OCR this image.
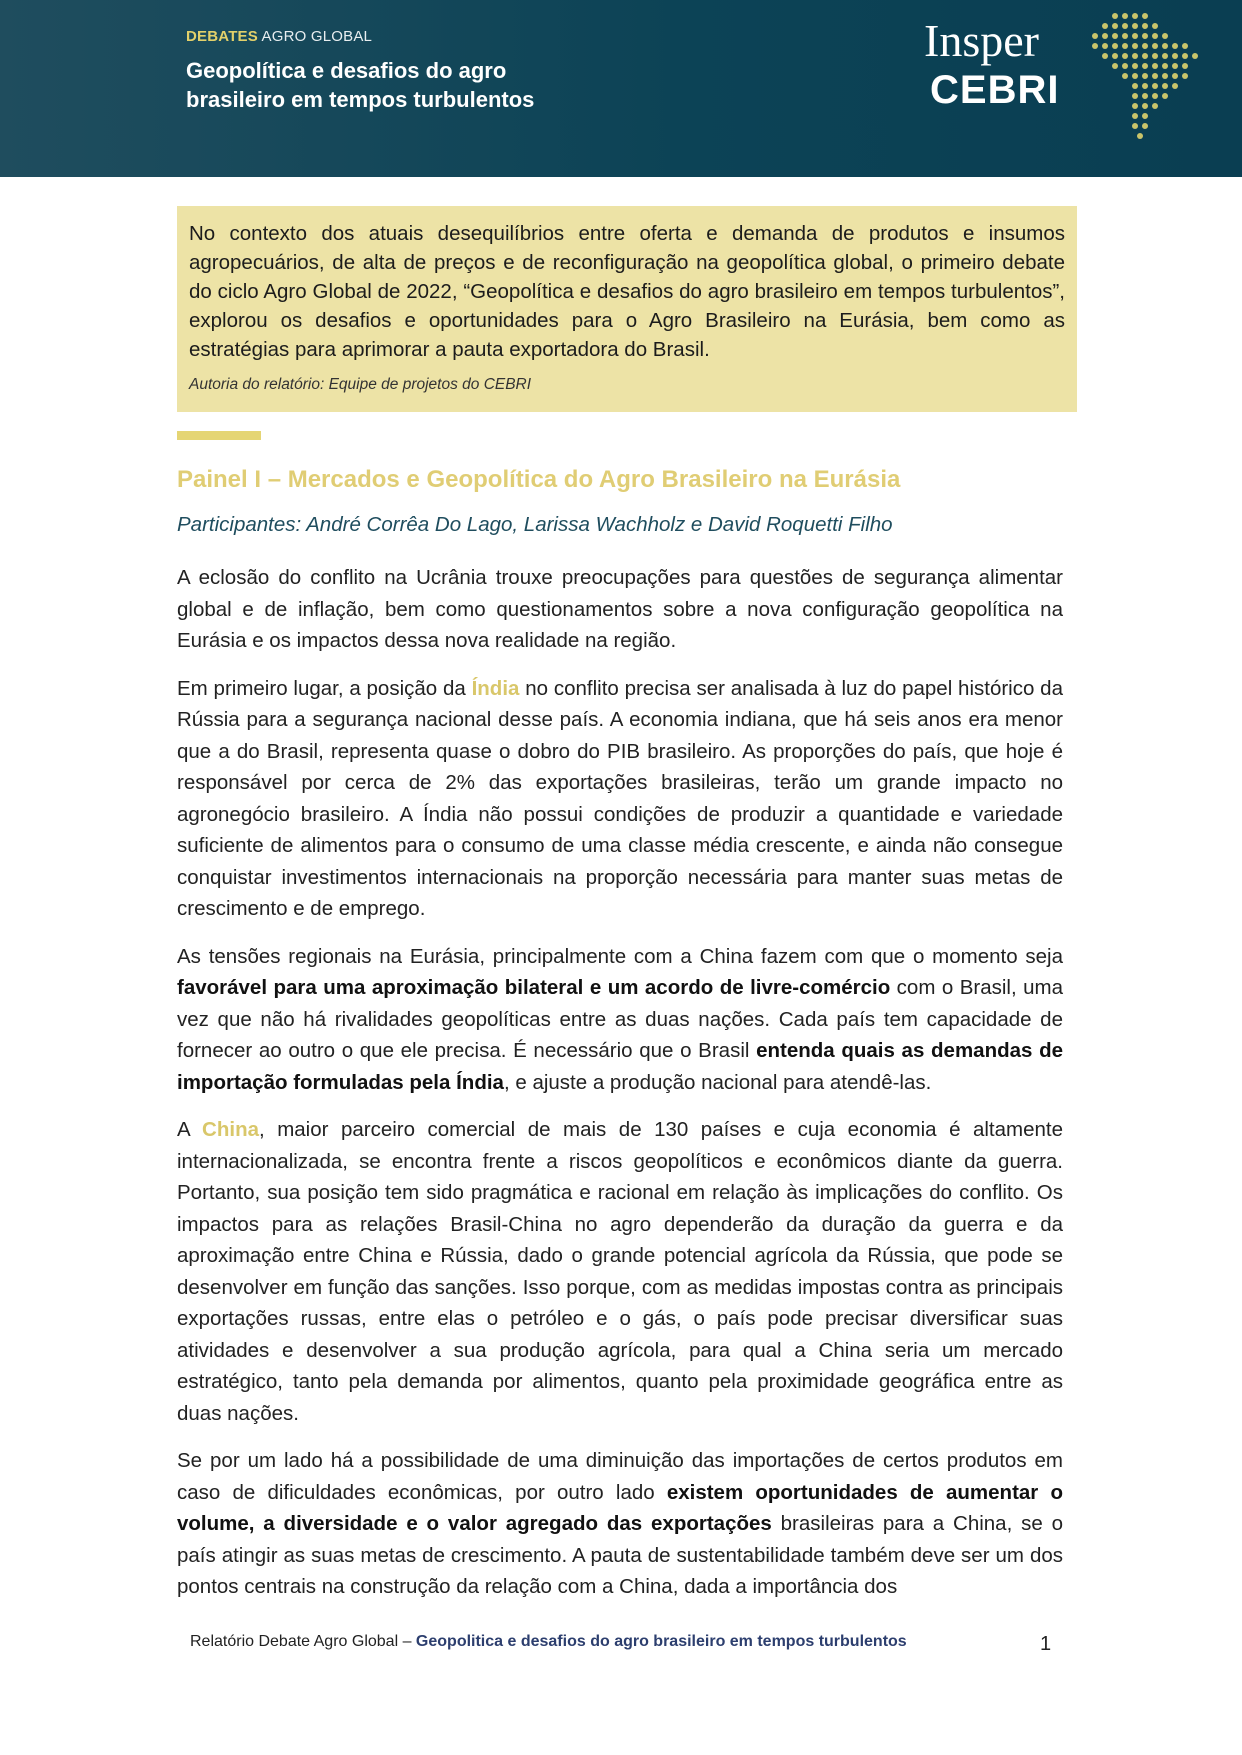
DEBATES AGRO GLOBAL
Geopolítica e desafios do agro
brasileiro em tempos turbulentos
Insper
CEBRI

No contexto dos atuais desequilíbrios entre oferta e demanda de produtos e insumos agropecuários, de alta de preços e de reconfiguração na geopolítica global, o primeiro debate do ciclo Agro Global de 2022, “Geopolítica e desafios do agro brasileiro em tempos turbulentos”, explorou os desafios e oportunidades para o Agro Brasileiro na Eurásia, bem como as estratégias para aprimorar a pauta exportadora do Brasil.

Autoria do relatório: Equipe de projetos do CEBRI

Painel I – Mercados e Geopolítica do Agro Brasileiro na Eurásia
Participantes: André Corrêa Do Lago, Larissa Wachholz e David Roquetti Filho

A eclosão do conflito na Ucrânia trouxe preocupações para questões de segurança alimentar global e de inflação, bem como questionamentos sobre a nova configuração geopolítica na Eurásia e os impactos dessa nova realidade na região.

Em primeiro lugar, a posição da Índia no conflito precisa ser analisada à luz do papel histórico da Rússia para a segurança nacional desse país. A economia indiana, que há seis anos era menor que a do Brasil, representa quase o dobro do PIB brasileiro. As proporções do país, que hoje é responsável por cerca de 2% das exportações brasileiras, terão um grande impacto no agronegócio brasileiro. A Índia não possui condições de produzir a quantidade e variedade suficiente de alimentos para o consumo de uma classe média crescente, e ainda não consegue conquistar investimentos internacionais na proporção necessária para manter suas metas de crescimento e de emprego.

As tensões regionais na Eurásia, principalmente com a China fazem com que o momento seja favorável para uma aproximação bilateral e um acordo de livre-comércio com o Brasil, uma vez que não há rivalidades geopolíticas entre as duas nações. Cada país tem capacidade de fornecer ao outro o que ele precisa. É necessário que o Brasil entenda quais as demandas de importação formuladas pela Índia, e ajuste a produção nacional para atendê-las.

A China, maior parceiro comercial de mais de 130 países e cuja economia é altamente internacionalizada, se encontra frente a riscos geopolíticos e econômicos diante da guerra. Portanto, sua posição tem sido pragmática e racional em relação às implicações do conflito. Os impactos para as relações Brasil-China no agro dependerão da duração da guerra e da aproximação entre China e Rússia, dado o grande potencial agrícola da Rússia, que pode se desenvolver em função das sanções. Isso porque, com as medidas impostas contra as principais exportações russas, entre elas o petróleo e o gás, o país pode precisar diversificar suas atividades e desenvolver a sua produção agrícola, para qual a China seria um mercado estratégico, tanto pela demanda por alimentos, quanto pela proximidade geográfica entre as duas nações.

Se por um lado há a possibilidade de uma diminuição das importações de certos produtos em caso de dificuldades econômicas, por outro lado existem oportunidades de aumentar o volume, a diversidade e o valor agregado das exportações brasileiras para a China, se o país atingir as suas metas de crescimento. A pauta de sustentabilidade também deve ser um dos pontos centrais na construção da relação com a China, dada a importância dos

Relatório Debate Agro Global – Geopolitica e desafios do agro brasileiro em tempos turbulentos	1
